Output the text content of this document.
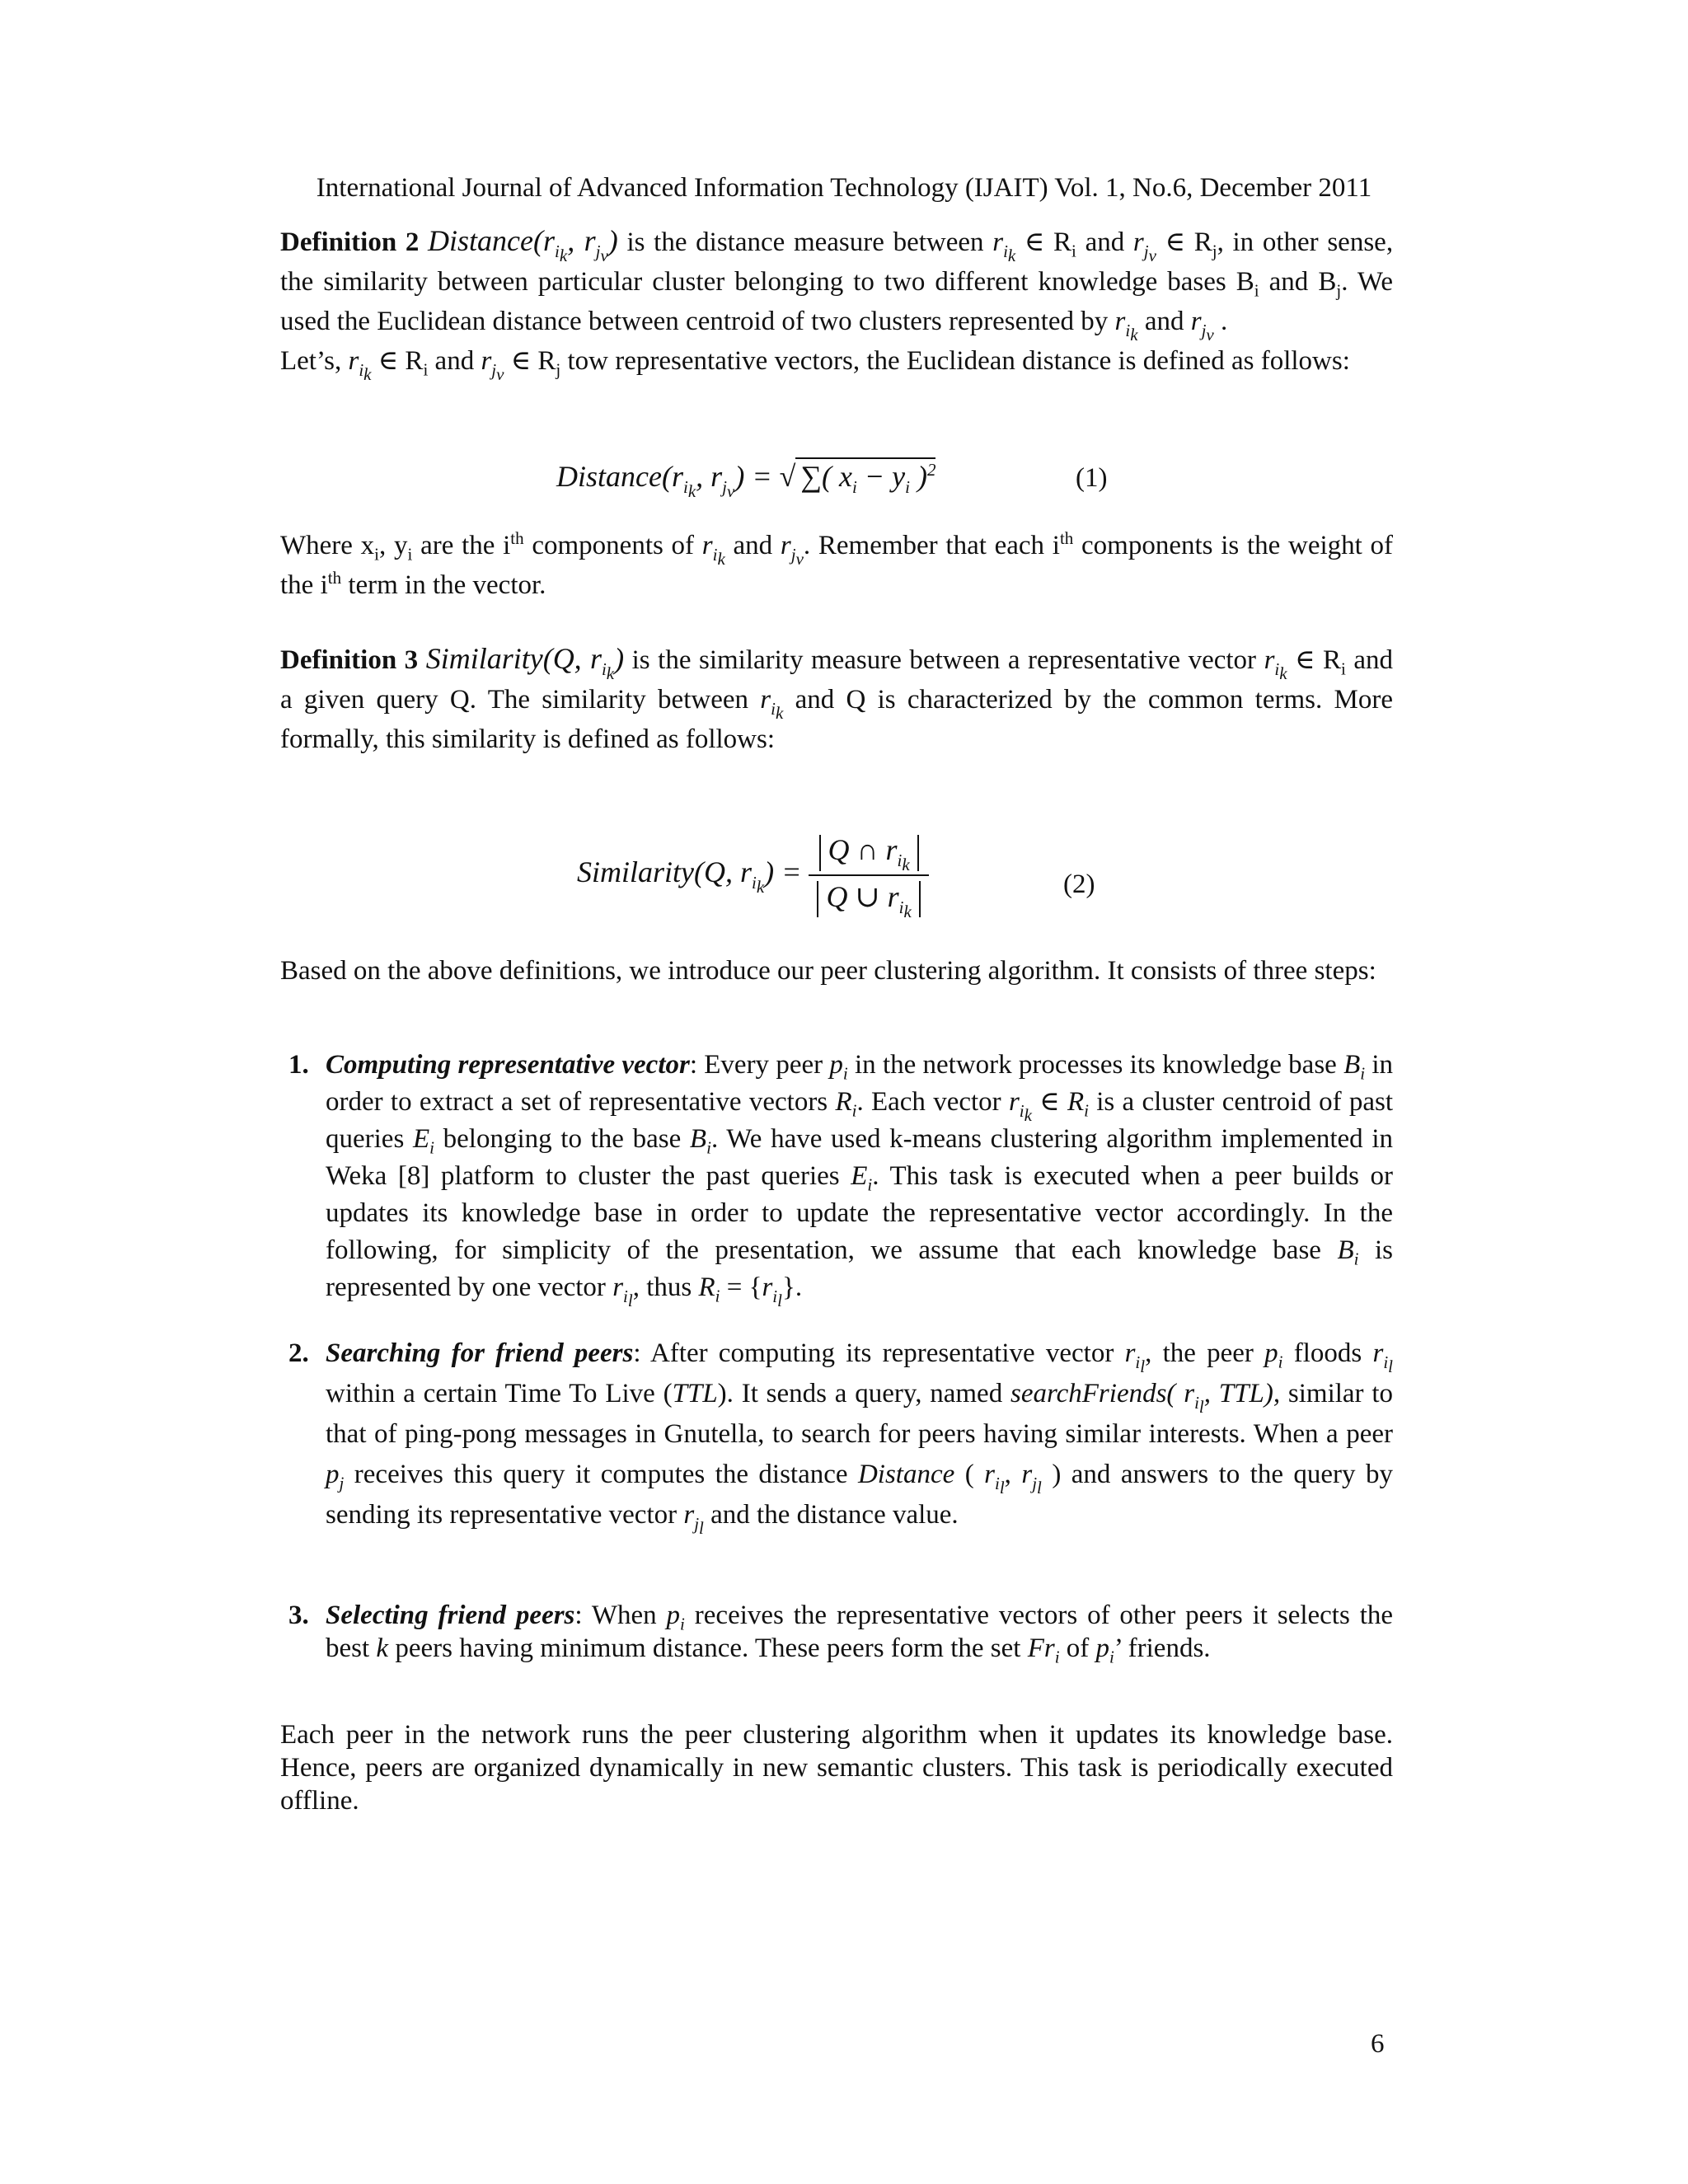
International Journal of Advanced Information Technology (IJAIT) Vol. 1, No.6, December 2011
Definition 2 $Distance(r_{i_k}$, $r_{j_v}$) is the distance measure between $r_{i_k}$ ∈ $R_i$ and $r_{j_v}$ ∈ $R_j$, in other sense, the similarity between particular cluster belonging to two different knowledge bases $B_i$ and $B_j$. We used the Euclidean distance between centroid of two clusters represented by $r_{i_k}$ and $r_{j_v}$ .
Let’s, $r_{i_k}$ ∈ $R_i$ and $r_{j_v}$ ∈ $R_j$ tow representative vectors, the Euclidean distance is defined as follows:
$Distance(r_{i_k}$, $r_{j_v}$) = √ ∑( $x_i - y_i$ )$^2$	(1)
Where $x_i$, $y_i$ are the $i^{th}$ components of $r_{i_k}$ and $r_{j_v}$. Remember that each $i^{th}$ components is the weight of the $i^{th}$ term in the vector.
Definition 3 Similarity(Q, $r_{i_k}$) is the similarity measure between a representative vector $r_{i_k}$ ∈ $R_i$ and a given query Q. The similarity between $r_{i_k}$ and Q is characterized by the common terms. More formally, this similarity is defined as follows:
Similarity(Q, $r_{i_k}) = \frac{Q \cap r_{i_k}}{Q \cup r_{i_k}}$	(2)
Based on the above definitions, we introduce our peer clustering algorithm. It consists of three steps:
1. Computing representative vector: Every peer $p_i$ in the network processes its knowledge base $B_i$ in order to extract a set of representative vectors $R_i$. Each vector $r_{i_k}$ ∈ $R_i$ is a cluster centroid of past queries $E_i$ belonging to the base $B_i$. We have used k-means clustering algorithm implemented in Weka [8] platform to cluster the past queries $E_i$. This task is executed when a peer builds or updates its knowledge base in order to update the representative vector accordingly. In the following, for simplicity of the presentation, we assume that each knowledge base $B_i$ is represented by one vector $r_{i_l}$, thus $R_i = \{r_{i_l}\}$.
2. Searching for friend peers: After computing its representative vector $r_{i_l}$, the peer $p_i$ floods $r_{i_l}$ within a certain Time To Live (TTL). It sends a query, named searchFriends( $r_{i_l}$, TTL), similar to that of ping-pong messages in Gnutella, to search for peers having similar interests. When a peer $p_j$ receives this query it computes the distance Distance ( $r_{i_l}$, $r_{j_l}$ ) and answers to the query by sending its representative vector $r_{j_l}$ and the distance value.
3. Selecting friend peers: When $p_i$ receives the representative vectors of other peers it selects the best k peers having minimum distance. These peers form the set $Fr_i$ of $p_i$’ friends.
Each peer in the network runs the peer clustering algorithm when it updates its knowledge base. Hence, peers are organized dynamically in new semantic clusters. This task is periodically executed offline.
6
